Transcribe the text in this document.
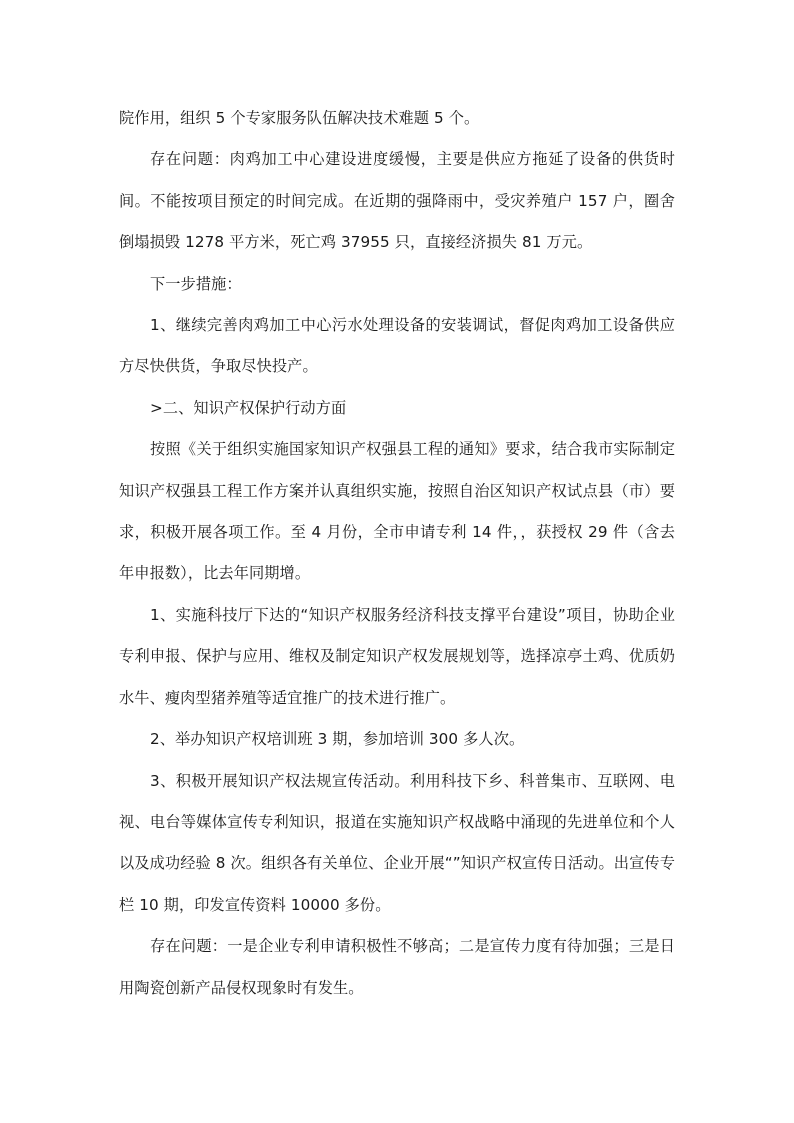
院作用，组织 5 个专家服务队伍解决技术难题 5 个。

存在问题：肉鸡加工中心建设进度缓慢，主要是供应方拖延了设备的供货时间。不能按项目预定的时间完成。在近期的强降雨中，受灾养殖户 157 户，圈舍倒塌损毁 1278 平方米，死亡鸡 37955 只，直接经济损失 81 万元。

下一步措施：

1、继续完善肉鸡加工中心污水处理设备的安装调试，督促肉鸡加工设备供应方尽快供货，争取尽快投产。

>二、知识产权保护行动方面

按照《关于组织实施国家知识产权强县工程的通知》要求，结合我市实际制定知识产权强县工程工作方案并认真组织实施，按照自治区知识产权试点县（市）要求，积极开展各项工作。至 4 月份，全市申请专利 14 件，，获授权 29 件（含去年申报数），比去年同期增。

1、实施科技厅下达的“知识产权服务经济科技支撑平台建设”项目，协助企业专利申报、保护与应用、维权及制定知识产权发展规划等，选择凉亭土鸡、优质奶水牛、瘦肉型猪养殖等适宜推广的技术进行推广。

2、举办知识产权培训班 3 期，参加培训 300 多人次。

3、积极开展知识产权法规宣传活动。利用科技下乡、科普集市、互联网、电视、电台等媒体宣传专利知识，报道在实施知识产权战略中涌现的先进单位和个人以及成功经验 8 次。组织各有关单位、企业开展“”知识产权宣传日活动。出宣传专栏 10 期，印发宣传资料 10000 多份。

存在问题：一是企业专利申请积极性不够高；二是宣传力度有待加强；三是日用陶瓷创新产品侵权现象时有发生。
